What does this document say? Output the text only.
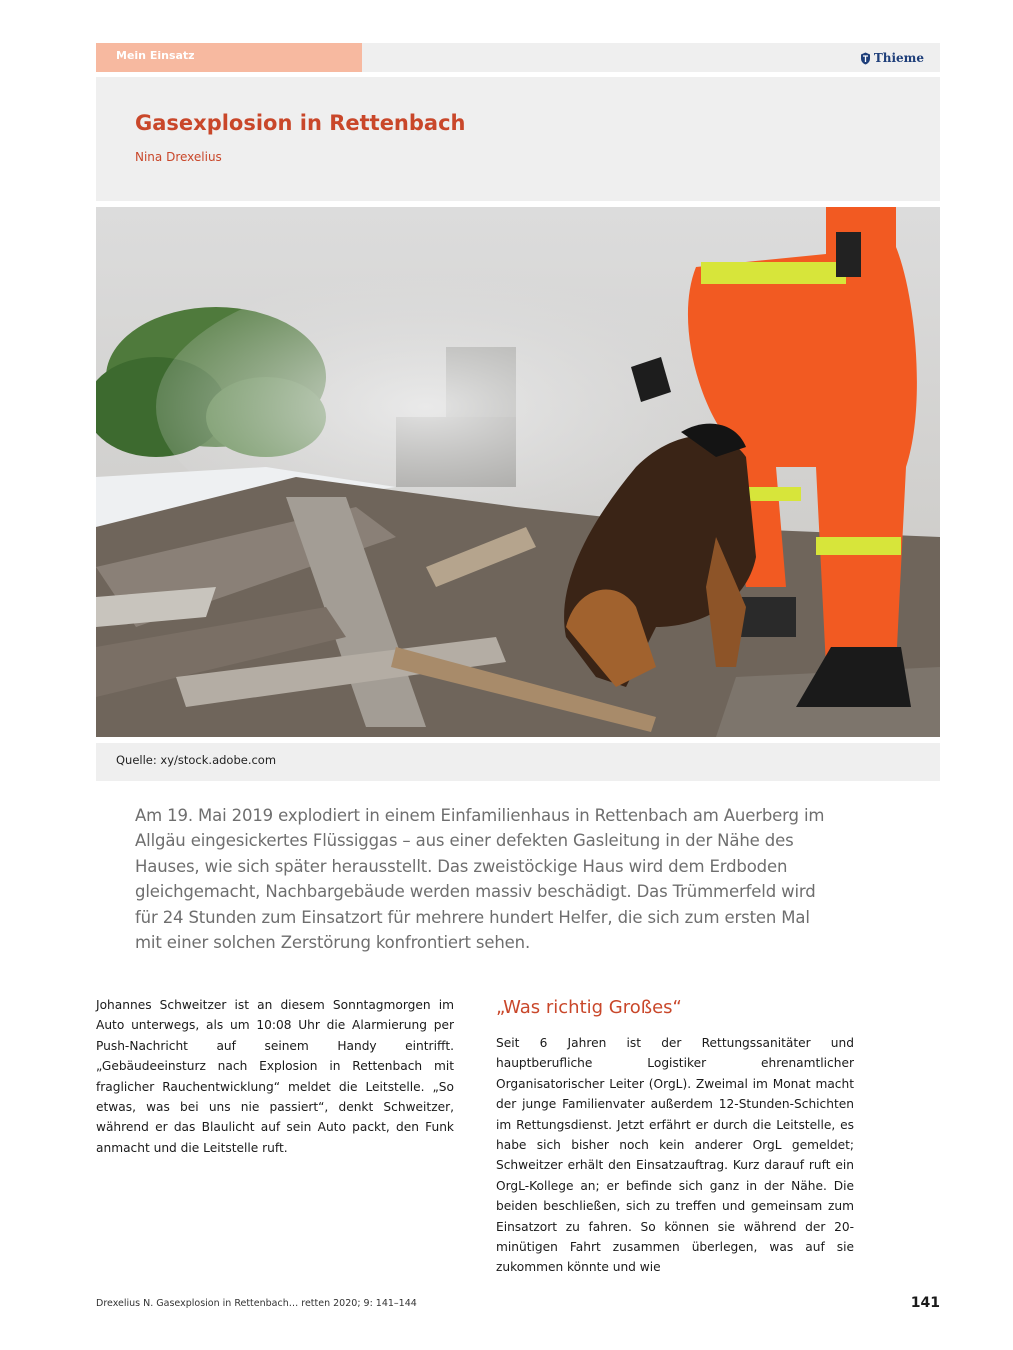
Mein Einsatz	Thieme
Gasexplosion in Rettenbach
Nina Drexelius
Quelle: xy/stock.adobe.com

Am 19. Mai 2019 explodiert in einem Einfamilienhaus in Rettenbach am Auerberg im Allgäu eingesickertes Flüssiggas – aus einer defekten Gasleitung in der Nähe des Hauses, wie sich später herausstellt. Das zweistöckige Haus wird dem Erdboden gleichgemacht, Nachbargebäude werden massiv beschädigt. Das Trümmerfeld wird für 24 Stunden zum Einsatzort für mehrere hundert Helfer, die sich zum ersten Mal mit einer solchen Zerstörung konfrontiert sehen.

Johannes Schweitzer ist an diesem Sonntagmorgen im Auto unterwegs, als um 10:08 Uhr die Alarmierung per Push-Nachricht auf seinem Handy eintrifft. „Gebäudeeinsturz nach Explosion in Rettenbach mit fraglicher Rauchentwicklung“ meldet die Leitstelle. „So etwas, was bei uns nie passiert“, denkt Schweitzer, während er das Blaulicht auf sein Auto packt, den Funk anmacht und die Leitstelle ruft.

„Was richtig Großes“

Seit 6 Jahren ist der Rettungssanitäter und hauptberufliche Logistiker ehrenamtlicher Organisatorischer Leiter (OrgL). Zweimal im Monat macht der junge Familienvater außerdem 12-Stunden-Schichten im Rettungsdienst. Jetzt erfährt er durch die Leitstelle, es habe sich bisher noch kein anderer OrgL gemeldet; Schweitzer erhält den Einsatzauftrag. Kurz darauf ruft ein OrgL-Kollege an; er befinde sich ganz in der Nähe. Die beiden beschließen, sich zu treffen und gemeinsam zum Einsatzort zu fahren. So können sie während der 20-minütigen Fahrt zusammen überlegen, was auf sie zukommen könnte und wie

Drexelius N. Gasexplosion in Rettenbach… retten 2020; 9: 141–144	141
